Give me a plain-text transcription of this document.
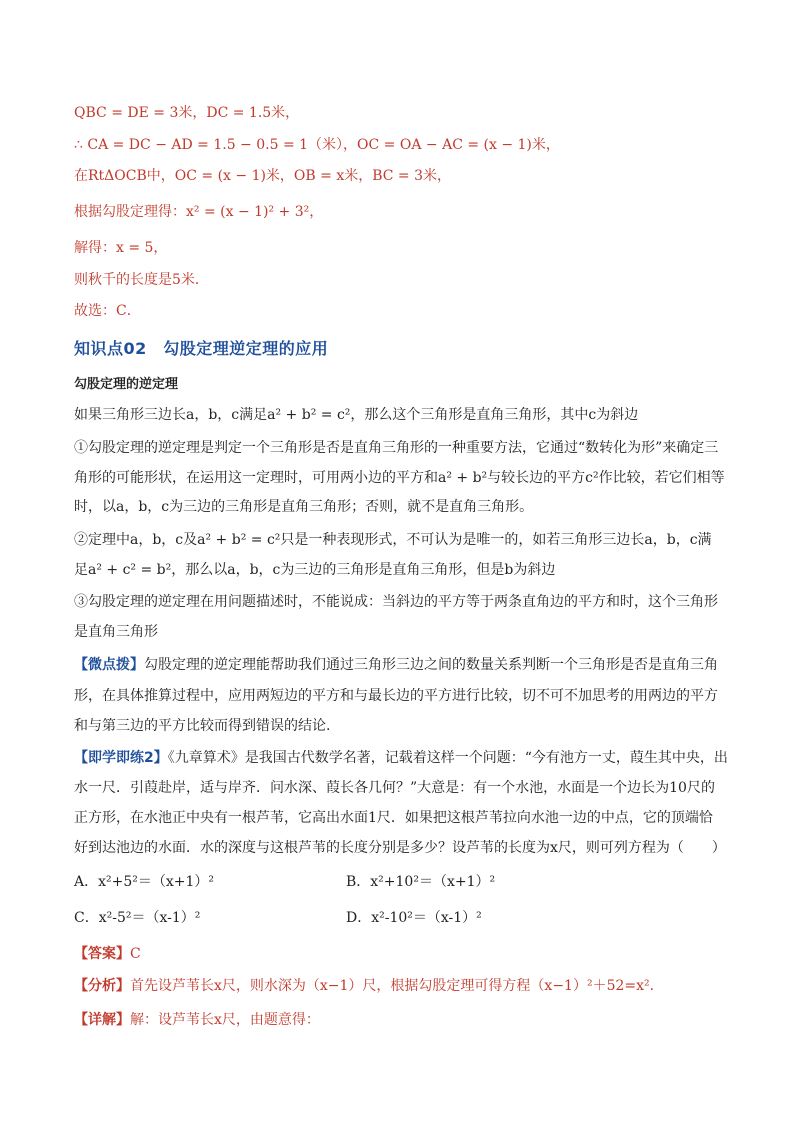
QBC = DE = 3米，DC = 1.5米，
∴ CA = DC − AD = 1.5 − 0.5 = 1（米），OC = OA − AC = (x − 1)米，
在RtΔOCB中，OC = (x − 1)米，OB = x米，BC = 3米，
根据勾股定理得：x² = (x − 1)² + 3²，
解得：x = 5，
则秋千的长度是5米．
故选：C．
知识点02　勾股定理逆定理的应用
勾股定理的逆定理
如果三角形三边长a，b，c满足a² + b² = c²，那么这个三角形是直角三角形，其中c为斜边
①勾股定理的逆定理是判定一个三角形是否是直角三角形的一种重要方法，它通过“数转化为形”来确定三
角形的可能形状，在运用这一定理时，可用两小边的平方和a² + b²与较长边的平方c²作比较，若它们相等
时，以a，b，c为三边的三角形是直角三角形；否则，就不是直角三角形。
②定理中a，b，c及a² + b² = c²只是一种表现形式，不可认为是唯一的，如若三角形三边长a，b，c满
足a² + c² = b²，那么以a，b，c为三边的三角形是直角三角形，但是b为斜边
③勾股定理的逆定理在用问题描述时，不能说成：当斜边的平方等于两条直角边的平方和时，这个三角形
是直角三角形
【微点拨】勾股定理的逆定理能帮助我们通过三角形三边之间的数量关系判断一个三角形是否是直角三角
形，在具体推算过程中，应用两短边的平方和与最长边的平方进行比较，切不可不加思考的用两边的平方
和与第三边的平方比较而得到错误的结论.
【即学即练2】《九章算术》是我国古代数学名著，记载着这样一个问题：“今有池方一丈，葭生其中央，出
水一尺．引葭赴岸，适与岸齐．问水深、葭长各几何？”大意是：有一个水池，水面是一个边长为10尺的
正方形，在水池正中央有一根芦苇，它高出水面1尺．如果把这根芦苇拉向水池一边的中点，它的顶端恰
好到达池边的水面．水的深度与这根芦苇的长度分别是多少？设芦苇的长度为x尺，则可列方程为（　　）
A．x²+5²＝（x+1）²	B．x²+10²＝（x+1）²
C．x²-5²＝（x-1）²	D．x²-10²＝（x-1）²
【答案】C
【分析】首先设芦苇长x尺，则水深为（x−1）尺，根据勾股定理可得方程（x−1）²＋52=x².
【详解】解：设芦苇长x尺，由题意得：
